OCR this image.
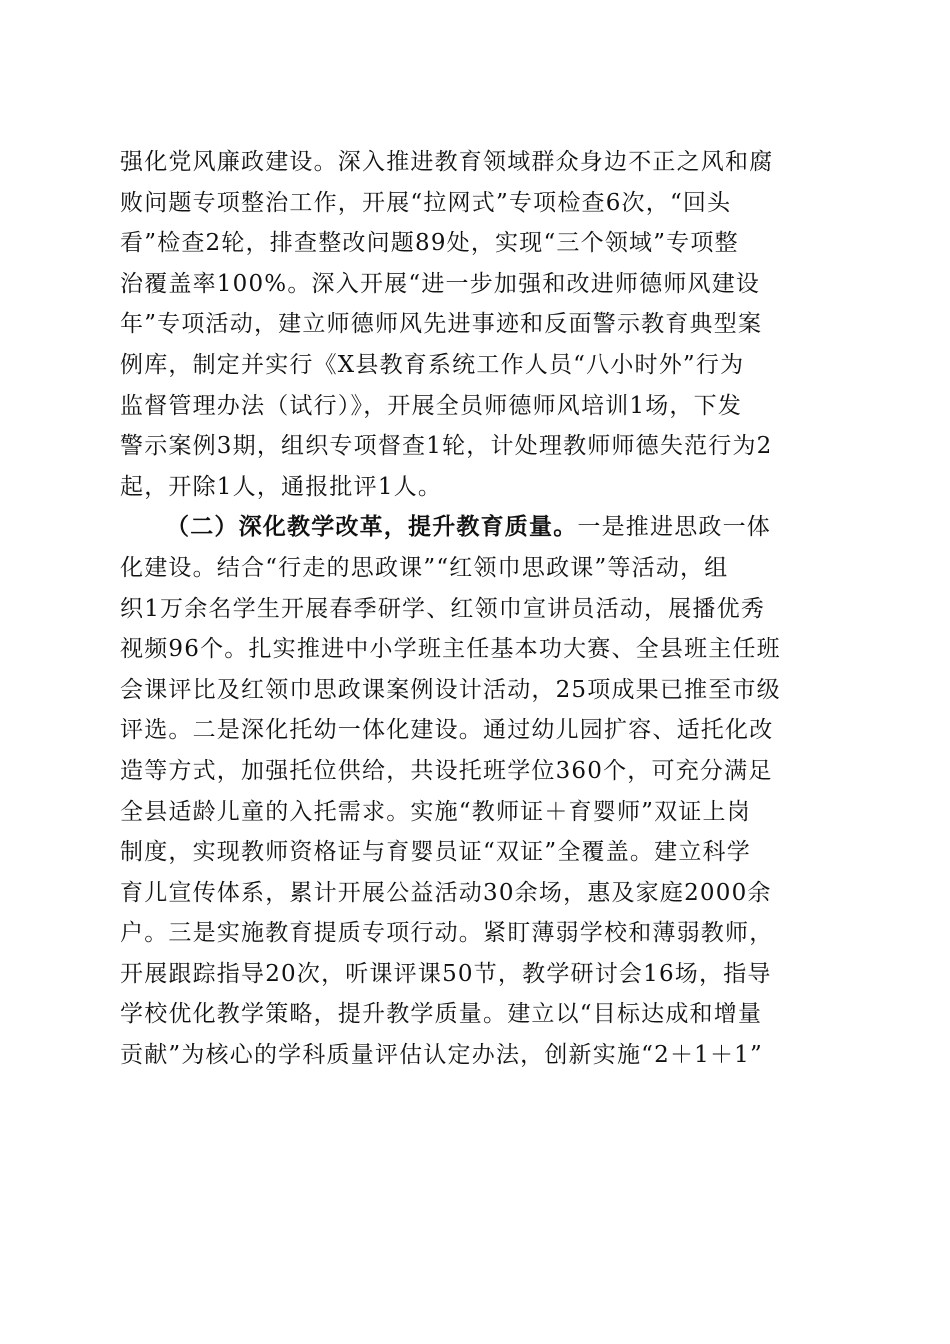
强化党风廉政建设。深入推进教育领域群众身边不正之风和腐
败问题专项整治工作，开展“拉网式”专项检查6次，“回头
看”检查2轮，排查整改问题89处，实现“三个领域”专项整
治覆盖率100%。深入开展“进一步加强和改进师德师风建设
年”专项活动，建立师德师风先进事迹和反面警示教育典型案
例库，制定并实行《X县教育系统工作人员“八小时外”行为
监督管理办法（试行）》，开展全员师德师风培训1场，下发
警示案例3期，组织专项督查1轮，计处理教师师德失范行为2
起，开除1人，通报批评1人。
（二）深化教学改革，提升教育质量。一是推进思政一体
化建设。结合“行走的思政课”“红领巾思政课”等活动，组
织1万余名学生开展春季研学、红领巾宣讲员活动，展播优秀
视频96个。扎实推进中小学班主任基本功大赛、全县班主任班
会课评比及红领巾思政课案例设计活动，25项成果已推至市级
评选。二是深化托幼一体化建设。通过幼儿园扩容、适托化改
造等方式，加强托位供给，共设托班学位360个，可充分满足
全县适龄儿童的入托需求。实施“教师证＋育婴师”双证上岗
制度，实现教师资格证与育婴员证“双证”全覆盖。建立科学
育儿宣传体系，累计开展公益活动30余场，惠及家庭2000余
户。三是实施教育提质专项行动。紧盯薄弱学校和薄弱教师，
开展跟踪指导20次，听课评课50节，教学研讨会16场，指导
学校优化教学策略，提升教学质量。建立以“目标达成和增量
贡献”为核心的学科质量评估认定办法，创新实施“2＋1＋1”
